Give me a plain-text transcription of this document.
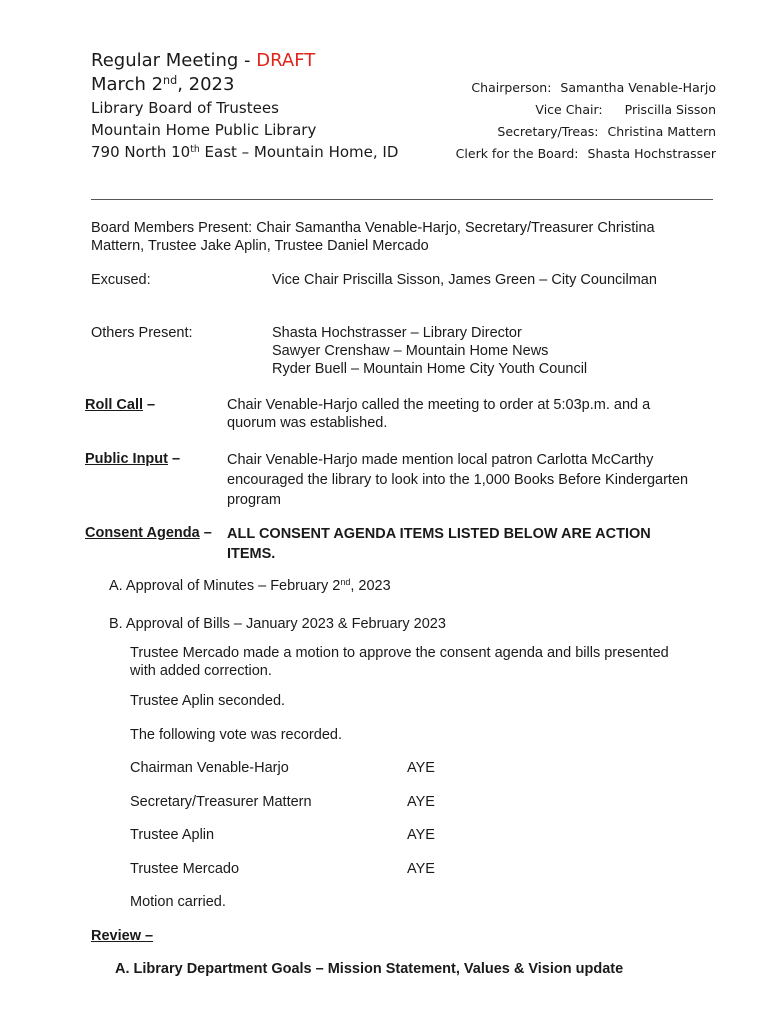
Regular Meeting - DRAFT
March 2nd, 2023
Library Board of Trustees
Mountain Home Public Library
790 North 10th East – Mountain Home, ID
Chairperson: Samantha Venable-Harjo
Vice Chair: Priscilla Sisson
Secretary/Treas: Christina Mattern
Clerk for the Board: Shasta Hochstrasser
Board Members Present: Chair Samantha Venable-Harjo, Secretary/Treasurer Christina
Mattern, Trustee Jake Aplin, Trustee Daniel Mercado
Excused:	Vice Chair Priscilla Sisson, James Green – City Councilman
Others Present:	Shasta Hochstrasser – Library Director
Sawyer Crenshaw – Mountain Home News
Ryder Buell – Mountain Home City Youth Council
Roll Call –	Chair Venable-Harjo called the meeting to order at 5:03p.m. and a
quorum was established.
Public Input –	Chair Venable-Harjo made mention local patron Carlotta McCarthy
encouraged the library to look into the 1,000 Books Before Kindergarten
program
Consent Agenda – ALL CONSENT AGENDA ITEMS LISTED BELOW ARE ACTION
ITEMS.
A. Approval of Minutes – February 2nd, 2023
B. Approval of Bills – January 2023 & February 2023
Trustee Mercado made a motion to approve the consent agenda and bills presented
with added correction.
Trustee Aplin seconded.
The following vote was recorded.
Chairman Venable-Harjo	AYE
Secretary/Treasurer Mattern	AYE
Trustee Aplin	AYE
Trustee Mercado	AYE
Motion carried.
Review –
A. Library Department Goals – Mission Statement, Values & Vision update
